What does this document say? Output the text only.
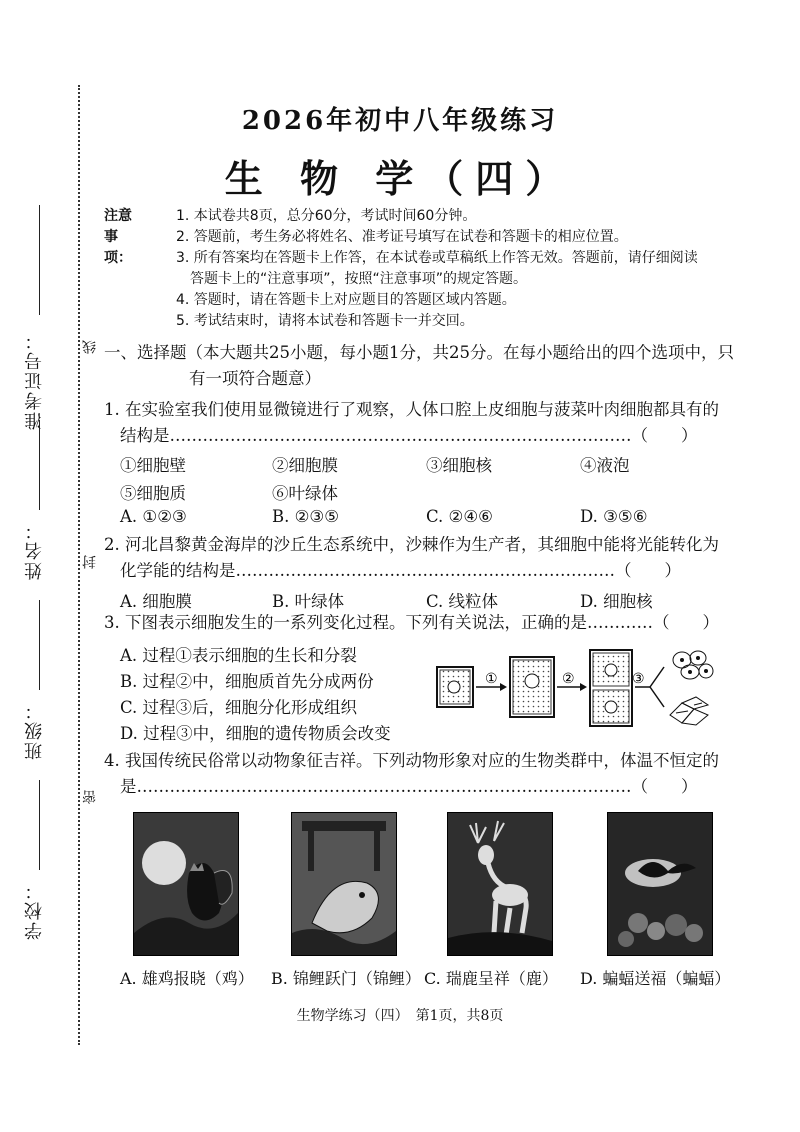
准考证号：
姓名：
班级：
学校：
线
封
密
2026年初中八年级练习
生 物 学（四）
注意事项：
1. 本试卷共8页，总分60分，考试时间60分钟。
2. 答题前，考生务必将姓名、准考证号填写在试卷和答题卡的相应位置。
3. 所有答案均在答题卡上作答，在本试卷或草稿纸上作答无效。答题前，请仔细阅读
答题卡上的“注意事项”，按照“注意事项”的规定答题。
4. 答题时，请在答题卡上对应题目的答题区域内答题。
5. 考试结束时，请将本试卷和答题卡一并交回。
一、选择题（本大题共25小题，每小题1分，共25分。在每小题给出的四个选项中，只
有一项符合题意）
1. 在实验室我们使用显微镜进行了观察，人体口腔上皮细胞与菠菜叶肉细胞都具有的
结构是…………………………………………………………………………（　　）
①细胞壁	②细胞膜	③细胞核	④液泡
⑤细胞质	⑥叶绿体
A. ①②③	B. ②③⑤	C. ②④⑥	D. ③⑤⑥
2. 河北昌黎黄金海岸的沙丘生态系统中，沙棘作为生产者，其细胞中能将光能转化为
化学能的结构是……………………………………………………………（　　）
A. 细胞膜	B. 叶绿体	C. 线粒体	D. 细胞核
3. 下图表示细胞发生的一系列变化过程。下列有关说法，正确的是…………（　　）
A. 过程①表示细胞的生长和分裂
B. 过程②中，细胞质首先分成两份
C. 过程③后，细胞分化形成组织
D. 过程③中，细胞的遗传物质会改变
①	②	③
4. 我国传统民俗常以动物象征吉祥。下列动物形象对应的生物类群中，体温不恒定的
是………………………………………………………………………………（　　）
A. 雄鸡报晓（鸡） B. 锦鲤跃门（锦鲤） C. 瑞鹿呈祥（鹿） D. 蝙蝠送福（蝙蝠）
生物学练习（四）　第1页，共8页
